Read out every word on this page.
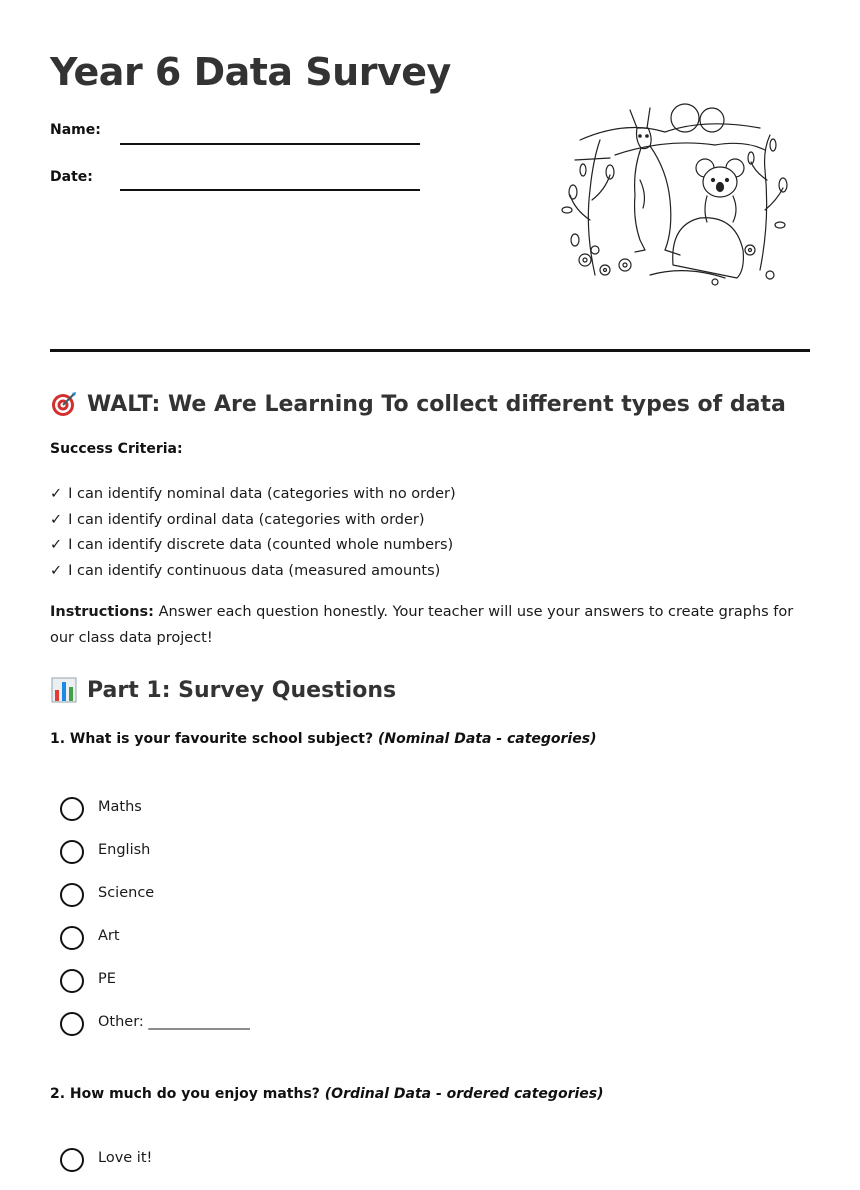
Year 6 Data Survey
Name:
Date:
WALT: We Are Learning To collect different types of data
Success Criteria:
✓ I can identify nominal data (categories with no order)
✓ I can identify ordinal data (categories with order)
✓ I can identify discrete data (counted whole numbers)
✓ I can identify continuous data (measured amounts)

Instructions: Answer each question honestly. Your teacher will use your answers to create graphs for our class data project!

Part 1: Survey Questions

1. What is your favourite school subject? (Nominal Data - categories)

Maths
English
Science
Art
PE
Other: ______________

2. How much do you enjoy maths? (Ordinal Data - ordered categories)

Love it!
